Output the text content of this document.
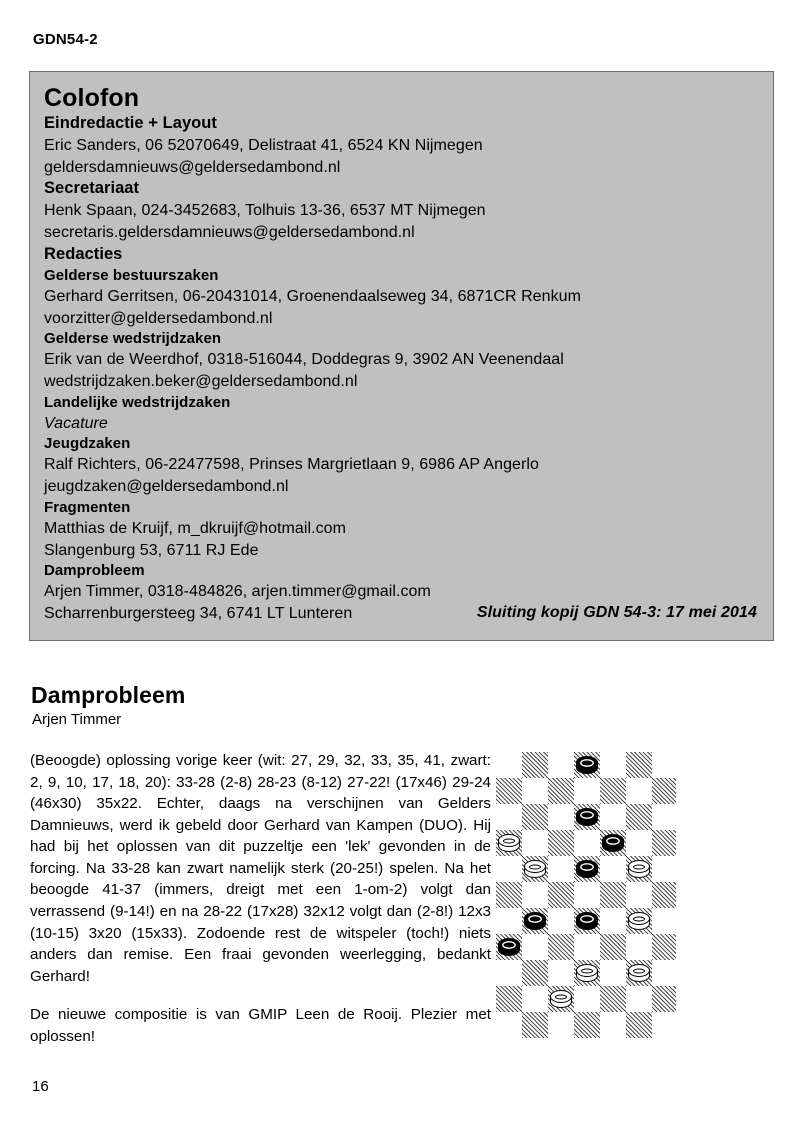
GDN54-2
Colofon
Eindredactie + Layout
Eric Sanders, 06 52070649, Delistraat 41, 6524 KN Nijmegen
geldersdamnieuws@geldersedambond.nl
Secretariaat
Henk Spaan, 024-3452683, Tolhuis 13-36, 6537 MT Nijmegen
secretaris.geldersdamnieuws@geldersedambond.nl
Redacties
Gelderse bestuurszaken
Gerhard Gerritsen, 06-20431014, Groenendaalseweg 34, 6871CR Renkum
voorzitter@geldersedambond.nl
Gelderse wedstrijdzaken
Erik van de Weerdhof, 0318-516044, Doddegras 9, 3902 AN Veenendaal
wedstrijdzaken.beker@geldersedambond.nl
Landelijke wedstrijdzaken
Vacature
Jeugdzaken
Ralf Richters, 06-22477598, Prinses Margrietlaan 9, 6986 AP Angerlo
jeugdzaken@geldersedambond.nl
Fragmenten
Matthias de Kruijf, m_dkruijf@hotmail.com
Slangenburg 53, 6711 RJ Ede
Damprobleem
Arjen Timmer, 0318-484826, arjen.timmer@gmail.com
Scharrenburgersteeg 34, 6741 LT Lunteren	Sluiting kopij GDN 54-3: 17 mei 2014
Damprobleem
Arjen Timmer

(Beoogde) oplossing vorige keer (wit: 27, 29, 32, 33, 35, 41, zwart: 2, 9, 10, 17, 18, 20): 33-28 (2-8) 28-23 (8-12) 27-22! (17x46) 29-24 (46x30) 35x22. Echter, daags na verschijnen van Gelders Damnieuws, werd ik gebeld door Gerhard van Kampen (DUO). Hij had bij het oplossen van dit puzzeltje een 'lek' gevonden in de forcing. Na 33-28 kan zwart namelijk sterk (20-25!) spelen. Na het beoogde 41-37 (immers, dreigt met een 1-om-2) volgt dan verrassend (9-14!) en na 28-22 (17x28) 32x12 volgt dan (2-8!) 12x3 (10-15) 3x20 (15x33). Zodoende rest de witspeler (toch!) niets anders dan remise. Een fraai gevonden weerlegging, bedankt Gerhard!

De nieuwe compositie is van GMIP Leen de Rooij. Plezier met oplossen!

16
